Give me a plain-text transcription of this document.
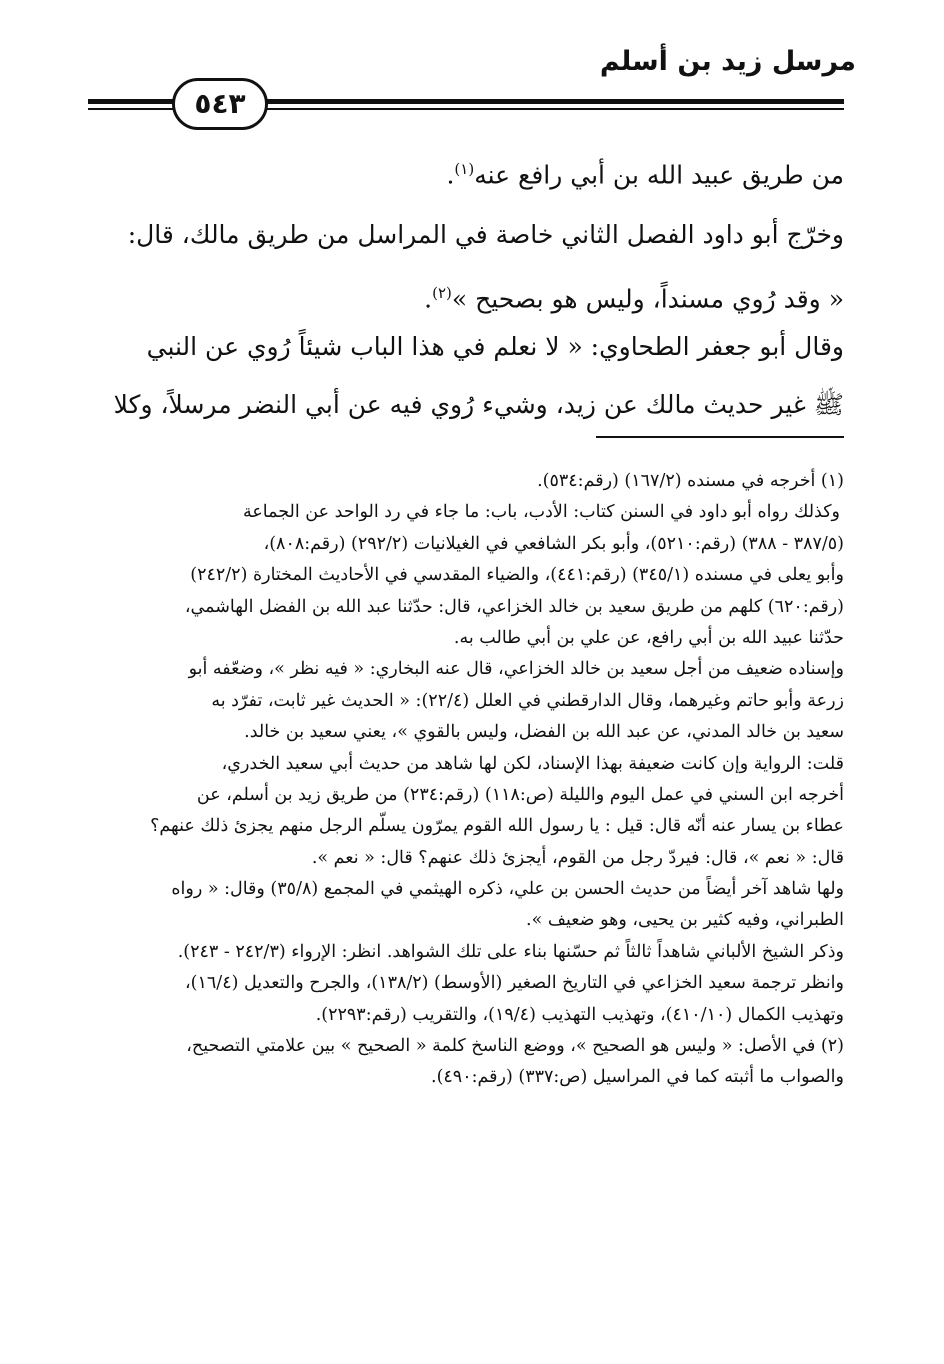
مرسل زيد بن أسلم
٥٤٣
من طريق عبيد الله بن أبي رافع عنه$^{(١)}$.
وخرّج أبو داود الفصل الثاني خاصة في المراسل من طريق مالك، قال:
« وقد رُوي مسنداً، وليس هو بصحيح »$^{(٢)}$.
وقال أبو جعفر الطحاوي: « لا نعلم في هذا الباب شيئاً رُوي عن النبي
ﷺ غير حديث مالك عن زيد، وشيء رُوي فيه عن أبي النضر مرسلاً، وكلا
(١) أخرجه في مسنده (١٦٧/٢) (رقم:٥٣٤).
وكذلك رواه أبو داود في السنن كتاب: الأدب، باب: ما جاء في رد الواحد عن الجماعة
(٣٨٧/٥ - ٣٨٨) (رقم:٥٢١٠)، وأبو بكر الشافعي في الغيلانيات (٢٩٢/٢) (رقم:٨٠٨)،
وأبو يعلى في مسنده (٣٤٥/١) (رقم:٤٤١)، والضياء المقدسي في الأحاديث المختارة (٢٤٢/٢)
(رقم:٦٢٠) كلهم من طريق سعيد بن خالد الخزاعي، قال: حدّثنا عبد الله بن الفضل الهاشمي،
حدّثنا عبيد الله بن أبي رافع، عن علي بن أبي طالب به.
وإسناده ضعيف من أجل سعيد بن خالد الخزاعي، قال عنه البخاري: « فيه نظر »، وضعّفه أبو
زرعة وأبو حاتم وغيرهما، وقال الدارقطني في العلل (٢٢/٤): « الحديث غير ثابت، تفرّد به
سعيد بن خالد المدني، عن عبد الله بن الفضل، وليس بالقوي »، يعني سعيد بن خالد.
قلت: الرواية وإن كانت ضعيفة بهذا الإسناد، لكن لها شاهد من حديث أبي سعيد الخدري،
أخرجه ابن السني في عمل اليوم والليلة (ص:١١٨) (رقم:٢٣٤) من طريق زيد بن أسلم، عن
عطاء بن يسار عنه أنّه قال: قيل : يا رسول الله القوم يمرّون يسلّم الرجل منهم يجزئ ذلك عنهم؟
قال: « نعم »، قال: فيردّ رجل من القوم، أيجزئ ذلك عنهم؟ قال: « نعم ».
ولها شاهد آخر أيضاً من حديث الحسن بن علي، ذكره الهيثمي في المجمع (٣٥/٨) وقال: « رواه
الطبراني، وفيه كثير بن يحيى، وهو ضعيف ».
وذكر الشيخ الألباني شاهداً ثالثاً ثم حسّنها بناء على تلك الشواهد. انظر: الإرواء (٢٤٢/٣ - ٢٤٣).
وانظر ترجمة سعيد الخزاعي في التاريخ الصغير (الأوسط) (١٣٨/٢)، والجرح والتعديل (١٦/٤)،
وتهذيب الكمال (٤١٠/١٠)، وتهذيب التهذيب (١٩/٤)، والتقريب (رقم:٢٢٩٣).
(٢) في الأصل: « وليس هو الصحيح »، ووضع الناسخ كلمة « الصحيح » بين علامتي التصحيح،
والصواب ما أثبته كما في المراسيل (ص:٣٣٧) (رقم:٤٩٠).
